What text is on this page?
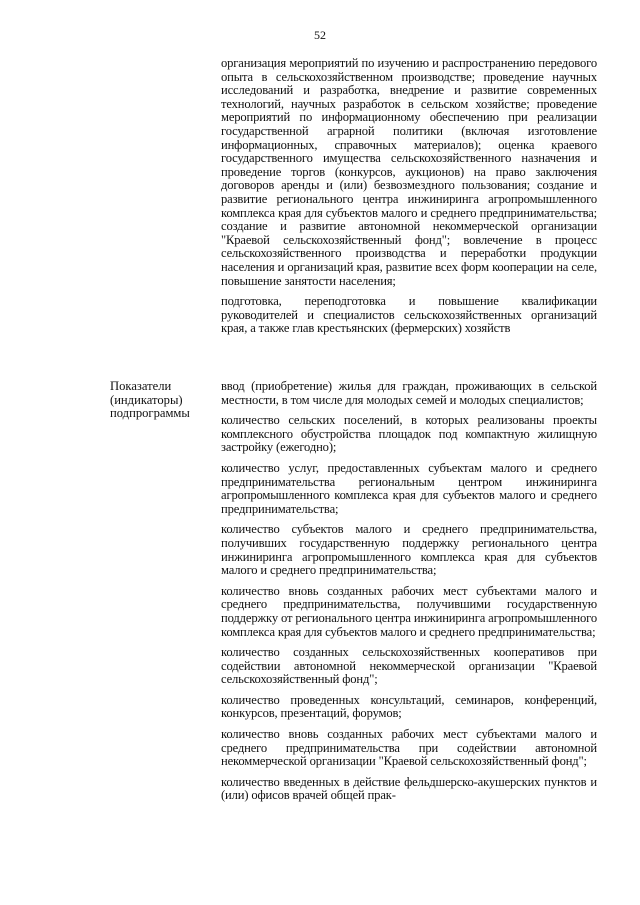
52

организация мероприятий по изучению и распространению передового опыта в сельскохозяйственном производстве; проведение научных исследований и разработка, внедрение и развитие современных технологий, научных разработок в сельском хозяйстве; проведение мероприятий по информационному обеспечению при реализации государственной аграрной политики (включая изготовление информационных, справочных материалов); оценка краевого государственного имущества сельскохозяйственного назначения и проведение торгов (конкурсов, аукционов) на право заключения договоров аренды и (или) безвозмездного пользования; создание и развитие регионального центра инжиниринга агропромышленного комплекса края для субъектов малого и среднего предпринимательства; создание и развитие автономной некоммерческой организации "Краевой сельскохозяйственный фонд"; вовлечение в процесс сельскохозяйственного производства и переработки продукции населения и организаций края, развитие всех форм кооперации на селе, повышение занятости населения;

подготовка, переподготовка и повышение квалификации руководителей и специалистов сельскохозяйственных организаций края, а также глав крестьянских (фермерских) хозяйств

Показатели (индикаторы) подпрограммы

ввод (приобретение) жилья для граждан, проживающих в сельской местности, в том числе для молодых семей и молодых специалистов;

количество сельских поселений, в которых реализованы проекты комплексного обустройства площадок под компактную жилищную застройку (ежегодно);

количество услуг, предоставленных субъектам малого и среднего предпринимательства региональным центром инжиниринга агропромышленного комплекса края для субъектов малого и среднего предпринимательства;

количество субъектов малого и среднего предпринимательства, получивших государственную поддержку регионального центра инжиниринга агропромышленного комплекса края для субъектов малого и среднего предпринимательства;

количество вновь созданных рабочих мест субъектами малого и среднего предпринимательства, получившими государственную поддержку от регионального центра инжиниринга агропромышленного комплекса края для субъектов малого и среднего предпринимательства;

количество созданных сельскохозяйственных кооперативов при содействии автономной некоммерческой организации "Краевой сельскохозяйственный фонд";

количество проведенных консультаций, семинаров, конференций, конкурсов, презентаций, форумов;

количество вновь созданных рабочих мест субъектами малого и среднего предпринимательства при содействии автономной некоммерческой организации "Краевой сельскохозяйственный фонд";

количество введенных в действие фельдшерско-акушерских пунктов и (или) офисов врачей общей прак-
